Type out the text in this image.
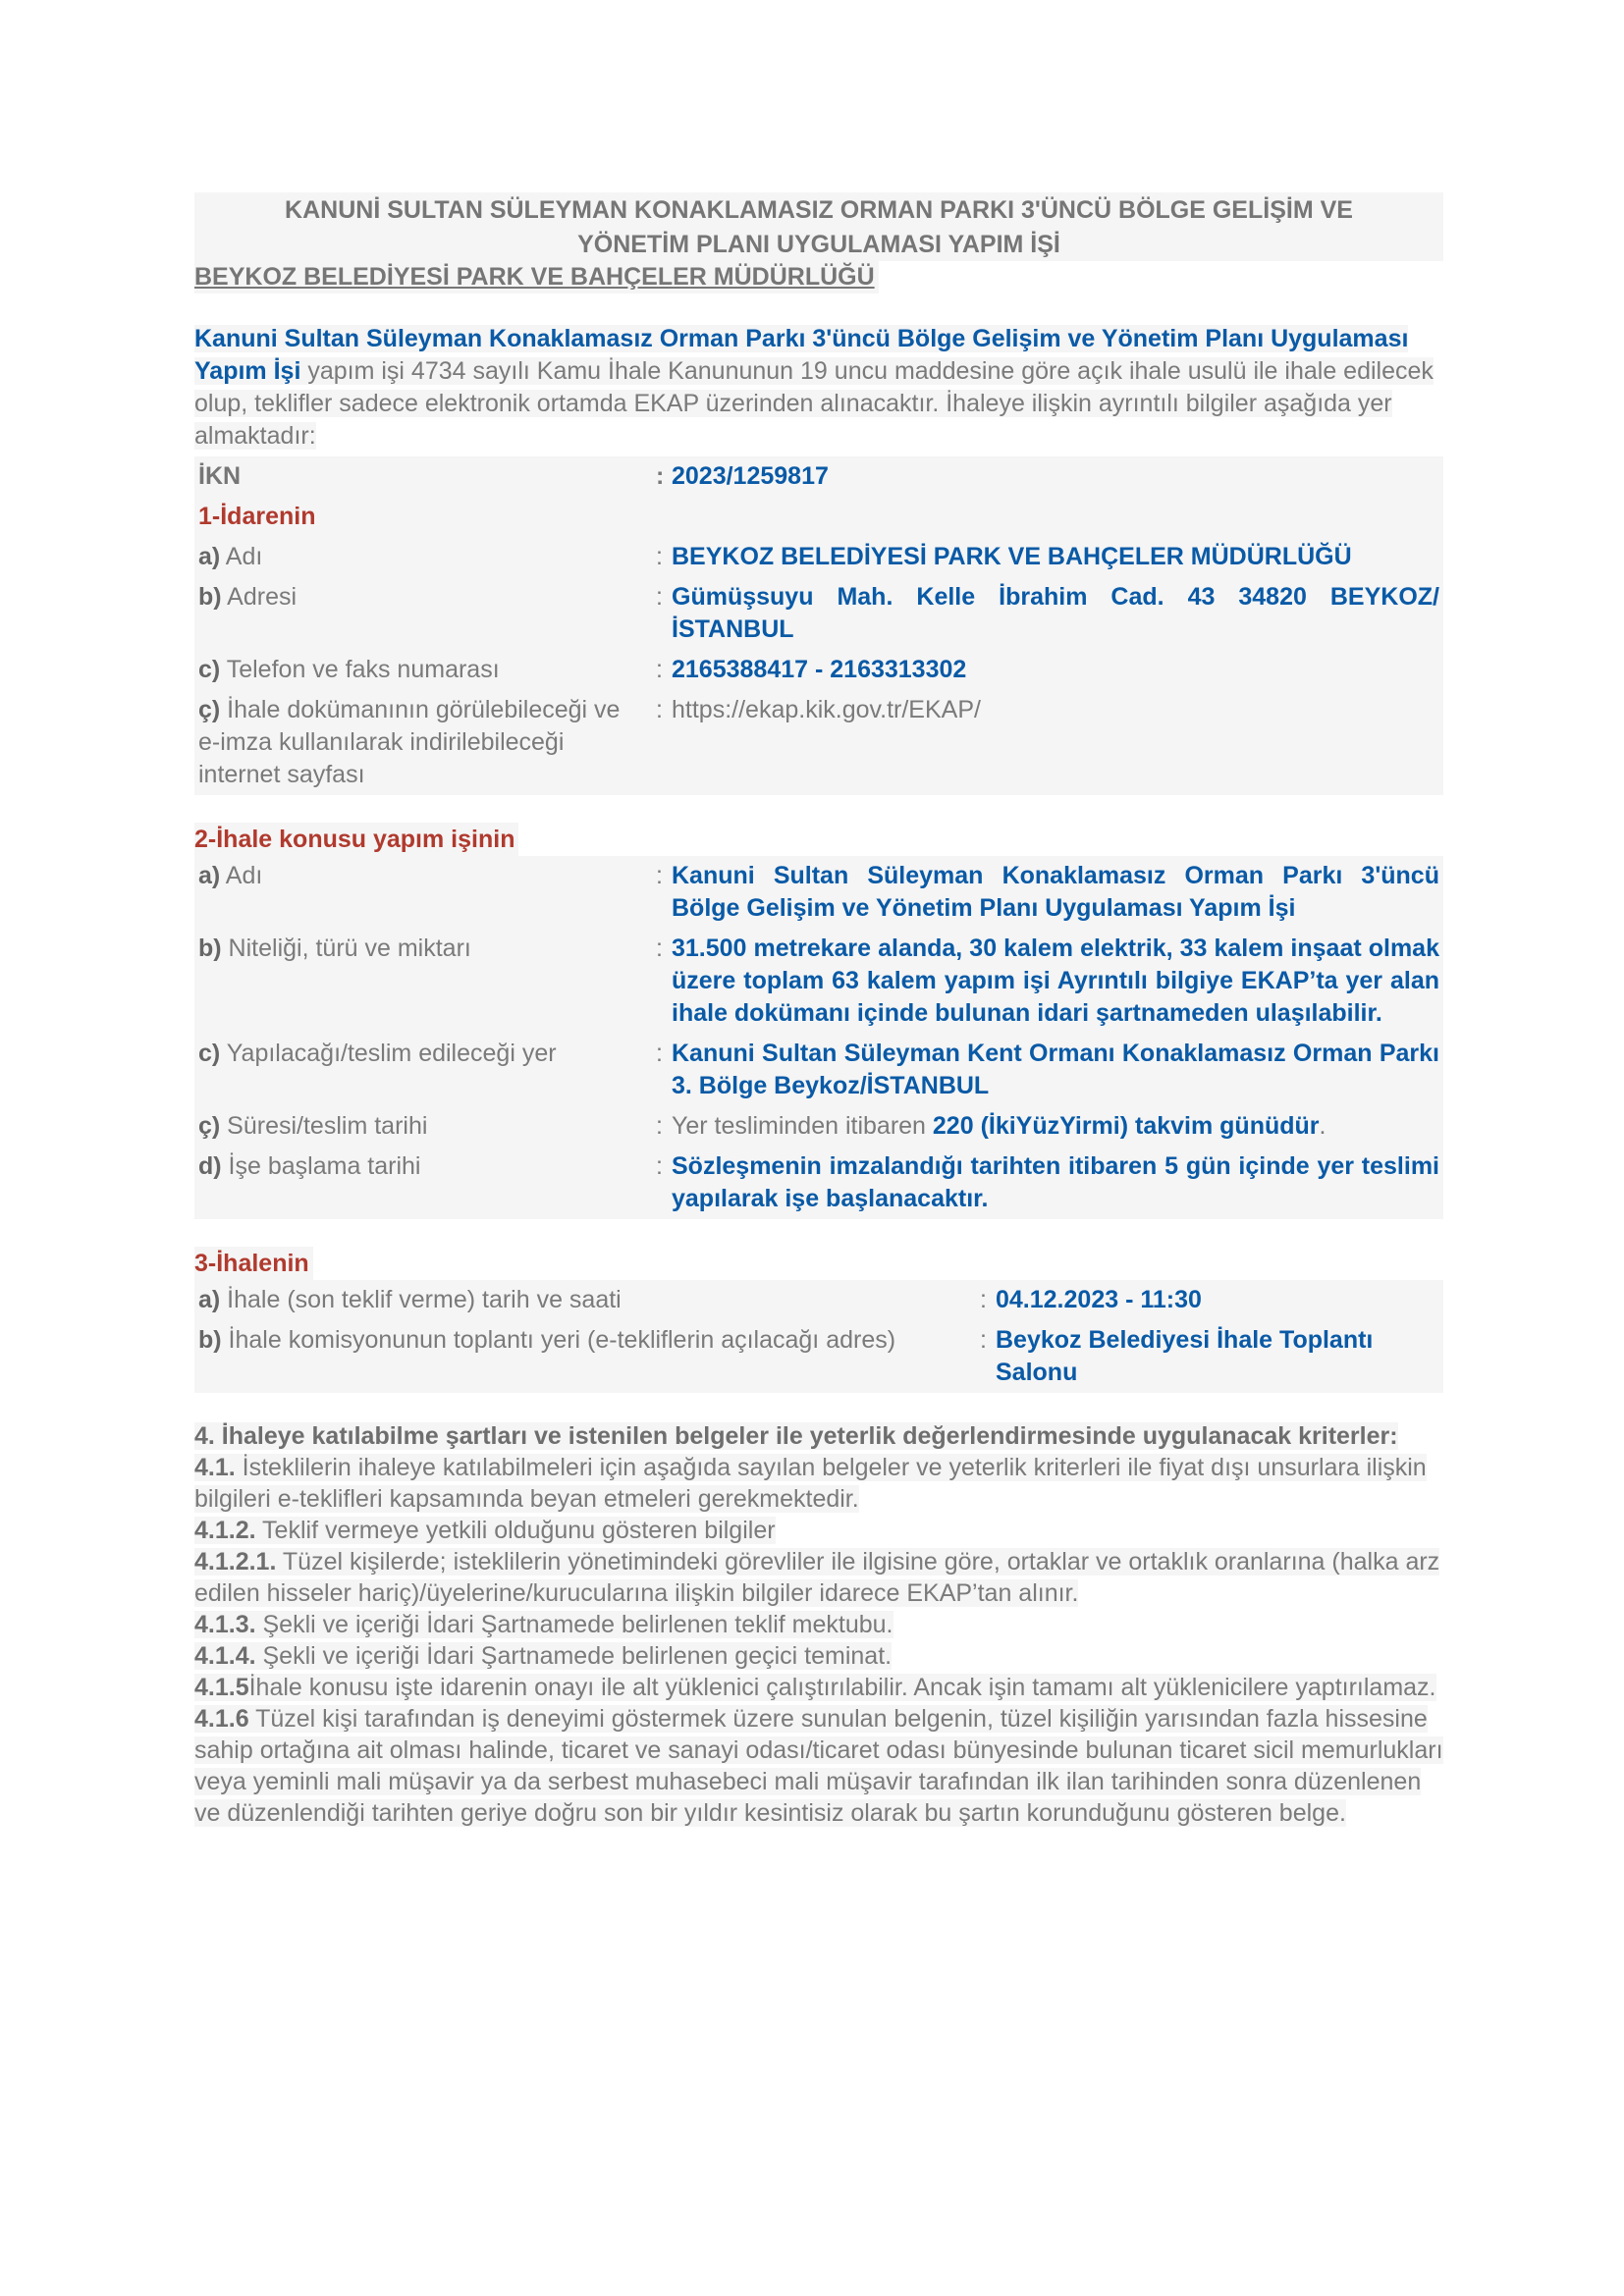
KANUNİ SULTAN SÜLEYMAN KONAKLAMASIZ ORMAN PARKI 3'ÜNCÜ BÖLGE GELİŞİM VE
YÖNETİM PLANI UYGULAMASI YAPIM İŞİ
BEYKOZ BELEDİYESİ PARK VE BAHÇELER MÜDÜRLÜĞÜ
Kanuni Sultan Süleyman Konaklamasız Orman Parkı 3'üncü Bölge Gelişim ve Yönetim Planı Uygulaması Yapım İşi yapım işi 4734 sayılı Kamu İhale Kanununun 19 uncu maddesine göre açık ihale usulü ile ihale edilecek olup, teklifler sadece elektronik ortamda EKAP üzerinden alınacaktır. İhaleye ilişkin ayrıntılı bilgiler aşağıda yer almaktadır:
İKN	:	2023/1259817
1-İdarenin		
a) Adı	:	BEYKOZ BELEDİYESİ PARK VE BAHÇELER MÜDÜRLÜĞÜ
b) Adresi	:	Gümüşsuyu Mah. Kelle İbrahim Cad. 43 34820 BEYKOZ/İSTANBUL
c) Telefon ve faks numarası	:	2165388417 - 2163313302
ç) İhale dokümanının görülebileceği ve e-imza kullanılarak indirilebileceği internet sayfası	:	https://ekap.kik.gov.tr/EKAP/
2-İhale konusu yapım işinin
a) Adı	:	Kanuni Sultan Süleyman Konaklamasız Orman Parkı 3'üncü Bölge Gelişim ve Yönetim Planı Uygulaması Yapım İşi
b) Niteliği, türü ve miktarı	:	31.500 metrekare alanda, 30 kalem elektrik, 33 kalem inşaat olmak üzere toplam 63 kalem yapım işi Ayrıntılı bilgiye EKAP’ta yer alan ihale dokümanı içinde bulunan idari şartnameden ulaşılabilir.
c) Yapılacağı/teslim edileceği yer	:	Kanuni Sultan Süleyman Kent Ormanı Konaklamasız Orman Parkı 3. Bölge Beykoz/İSTANBUL
ç) Süresi/teslim tarihi	:	Yer tesliminden itibaren 220 (İkiYüzYirmi) takvim günüdür.
d) İşe başlama tarihi	:	Sözleşmenin imzalandığı tarihten itibaren 5 gün içinde yer teslimi yapılarak işe başlanacaktır.
3-İhalenin
a) İhale (son teklif verme) tarih ve saati	:	04.12.2023 - 11:30
b) İhale komisyonunun toplantı yeri (e-tekliflerin açılacağı adres)	:	Beykoz Belediyesi İhale Toplantı Salonu
4. İhaleye katılabilme şartları ve istenilen belgeler ile yeterlik değerlendirmesinde uygulanacak kriterler:
4.1. İsteklilerin ihaleye katılabilmeleri için aşağıda sayılan belgeler ve yeterlik kriterleri ile fiyat dışı unsurlara ilişkin bilgileri e-teklifleri kapsamında beyan etmeleri gerekmektedir.
4.1.2. Teklif vermeye yetkili olduğunu gösteren bilgiler
4.1.2.1. Tüzel kişilerde; isteklilerin yönetimindeki görevliler ile ilgisine göre, ortaklar ve ortaklık oranlarına (halka arz edilen hisseler hariç)/üyelerine/kurucularına ilişkin bilgiler idarece EKAP’tan alınır.
4.1.3. Şekli ve içeriği İdari Şartnamede belirlenen teklif mektubu.
4.1.4. Şekli ve içeriği İdari Şartnamede belirlenen geçici teminat.
4.1.5İhale konusu işte idarenin onayı ile alt yüklenici çalıştırılabilir. Ancak işin tamamı alt yüklenicilere yaptırılamaz.
4.1.6 Tüzel kişi tarafından iş deneyimi göstermek üzere sunulan belgenin, tüzel kişiliğin yarısından fazla hissesine sahip ortağına ait olması halinde, ticaret ve sanayi odası/ticaret odası bünyesinde bulunan ticaret sicil memurlukları veya yeminli mali müşavir ya da serbest muhasebeci mali müşavir tarafından ilk ilan tarihinden sonra düzenlenen ve düzenlendiği tarihten geriye doğru son bir yıldır kesintisiz olarak bu şartın korunduğunu gösteren belge.
